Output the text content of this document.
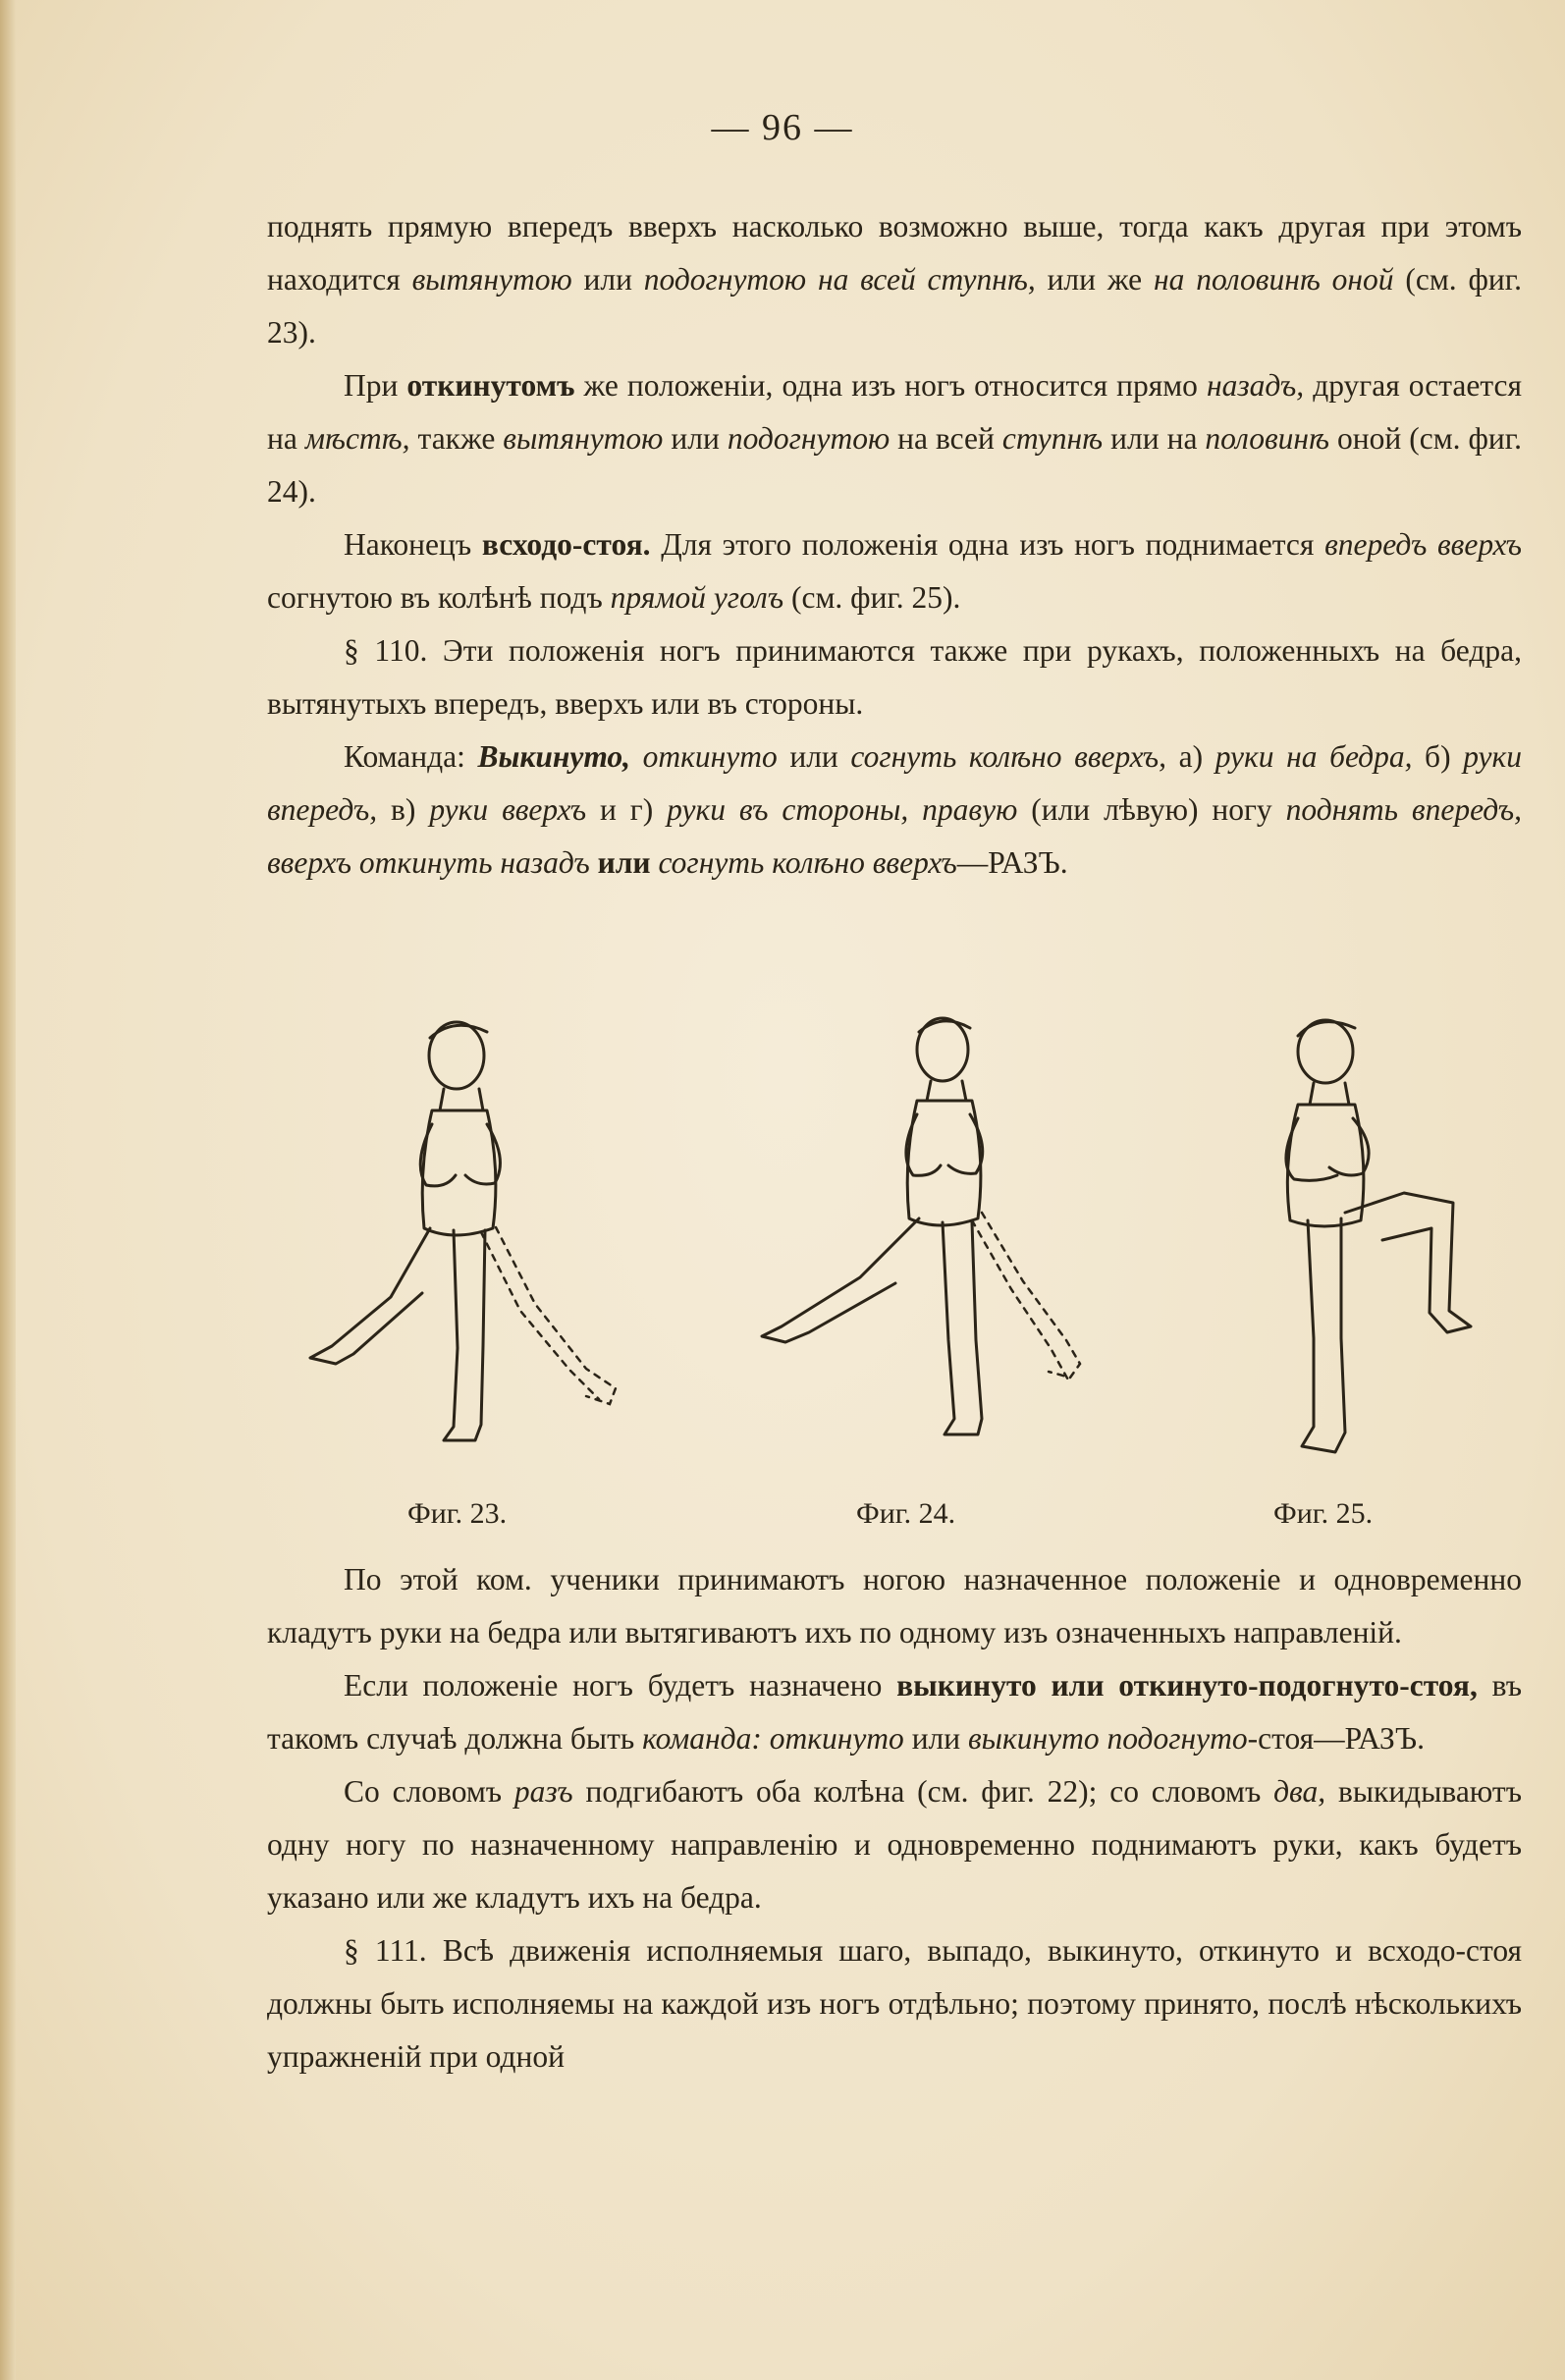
— 96 —

поднять прямую впередъ вверхъ насколько возможно выше, тогда какъ другая при этомъ находится вытянутою или подогнутою на всей ступнѣ, или же на половинѣ оной (см. фиг. 23).

При откинутомъ же положеніи, одна изъ ногъ относится прямо назадъ, другая остается на мѣстѣ, также вытянутою или подогнутою на всей ступнѣ или на половинѣ оной (см. фиг. 24).

Наконецъ всходо-стоя. Для этого положенія одна изъ ногъ поднимается впередъ вверхъ согнутою въ колѣнѣ подъ прямой уголъ (см. фиг. 25).

§ 110. Эти положенія ногъ принимаются также при рукахъ, положенныхъ на бедра, вытянутыхъ впередъ, вверхъ или въ стороны.

Команда: Выкинуто, откинуто или согнуть колѣно вверхъ, а) руки на бедра, б) руки впередъ, в) руки вверхъ и г) руки въ стороны, правую (или лѣвую) ногу поднять впередъ, вверхъ откинуть назадъ или согнуть колѣно вверхъ—РАЗЪ.

Фиг. 23.	Фиг. 24.	Фиг. 25.

По этой ком. ученики принимаютъ ногою назначенное положеніе и одновременно кладутъ руки на бедра или вытягиваютъ ихъ по одному изъ означенныхъ направленій.

Если положеніе ногъ будетъ назначено выкинуто или откинуто-подогнуто-стоя, въ такомъ случаѣ должна быть команда: откинуто или выкинуто подогнуто-стоя—РАЗЪ.

Со словомъ разъ подгибаютъ оба колѣна (см. фиг. 22); со словомъ два, выкидываютъ одну ногу по назначенному направленію и одновременно поднимаютъ руки, какъ будетъ указано или же кладутъ ихъ на бедра.

§ 111. Всѣ движенія исполняемыя шаго, выпадо, выкинуто, откинуто и всходо-стоя должны быть исполняемы на каждой изъ ногъ отдѣльно; поэтому принято, послѣ нѣсколькихъ упражненій при одной
